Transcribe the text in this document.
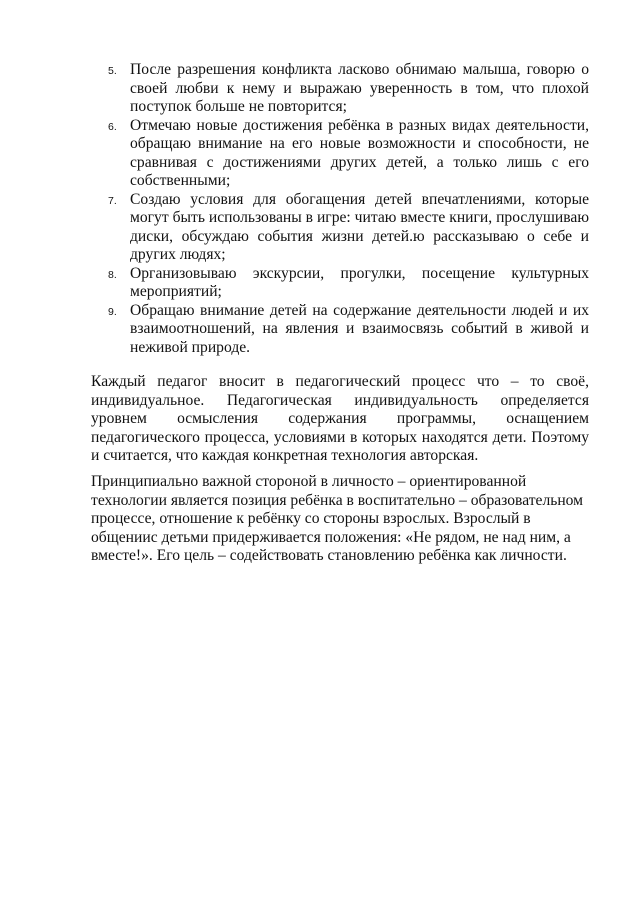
5. После разрешения конфликта ласково обнимаю малыша, говорю о своей любви к нему и выражаю уверенность в том, что плохой поступок больше не повторится;
6. Отмечаю новые достижения ребёнка в разных видах деятельности, обращаю внимание на его новые возможности и способности, не сравнивая с достижениями других детей, а только лишь с его собственными;
7. Создаю условия для обогащения детей впечатлениями, которые могут быть использованы в игре: читаю вместе книги, прослушиваю диски, обсуждаю события жизни детей.ю рассказываю о себе и других людях;
8. Организовываю экскурсии, прогулки, посещение культурных мероприятий;
9. Обращаю внимание детей на содержание деятельности людей и их взаимоотношений, на явления и взаимосвязь событий в живой и неживой природе.

Каждый педагог вносит в педагогический процесс что – то своё, индивидуальное. Педагогическая индивидуальность определяется уровнем осмысления содержания программы, оснащением педагогического процесса, условиями в которых находятся дети. Поэтому и считается, что каждая конкретная технология авторская.

Принципиально важной стороной в личносто – ориентированной технологии является позиция ребёнка в воспитательно – образовательном процессе, отношение к ребёнку со стороны взрослых. Взрослый в общениис детьми придерживается положения: «Не рядом, не над ним, а вместе!». Его цель – содействовать становлению ребёнка как личности.
